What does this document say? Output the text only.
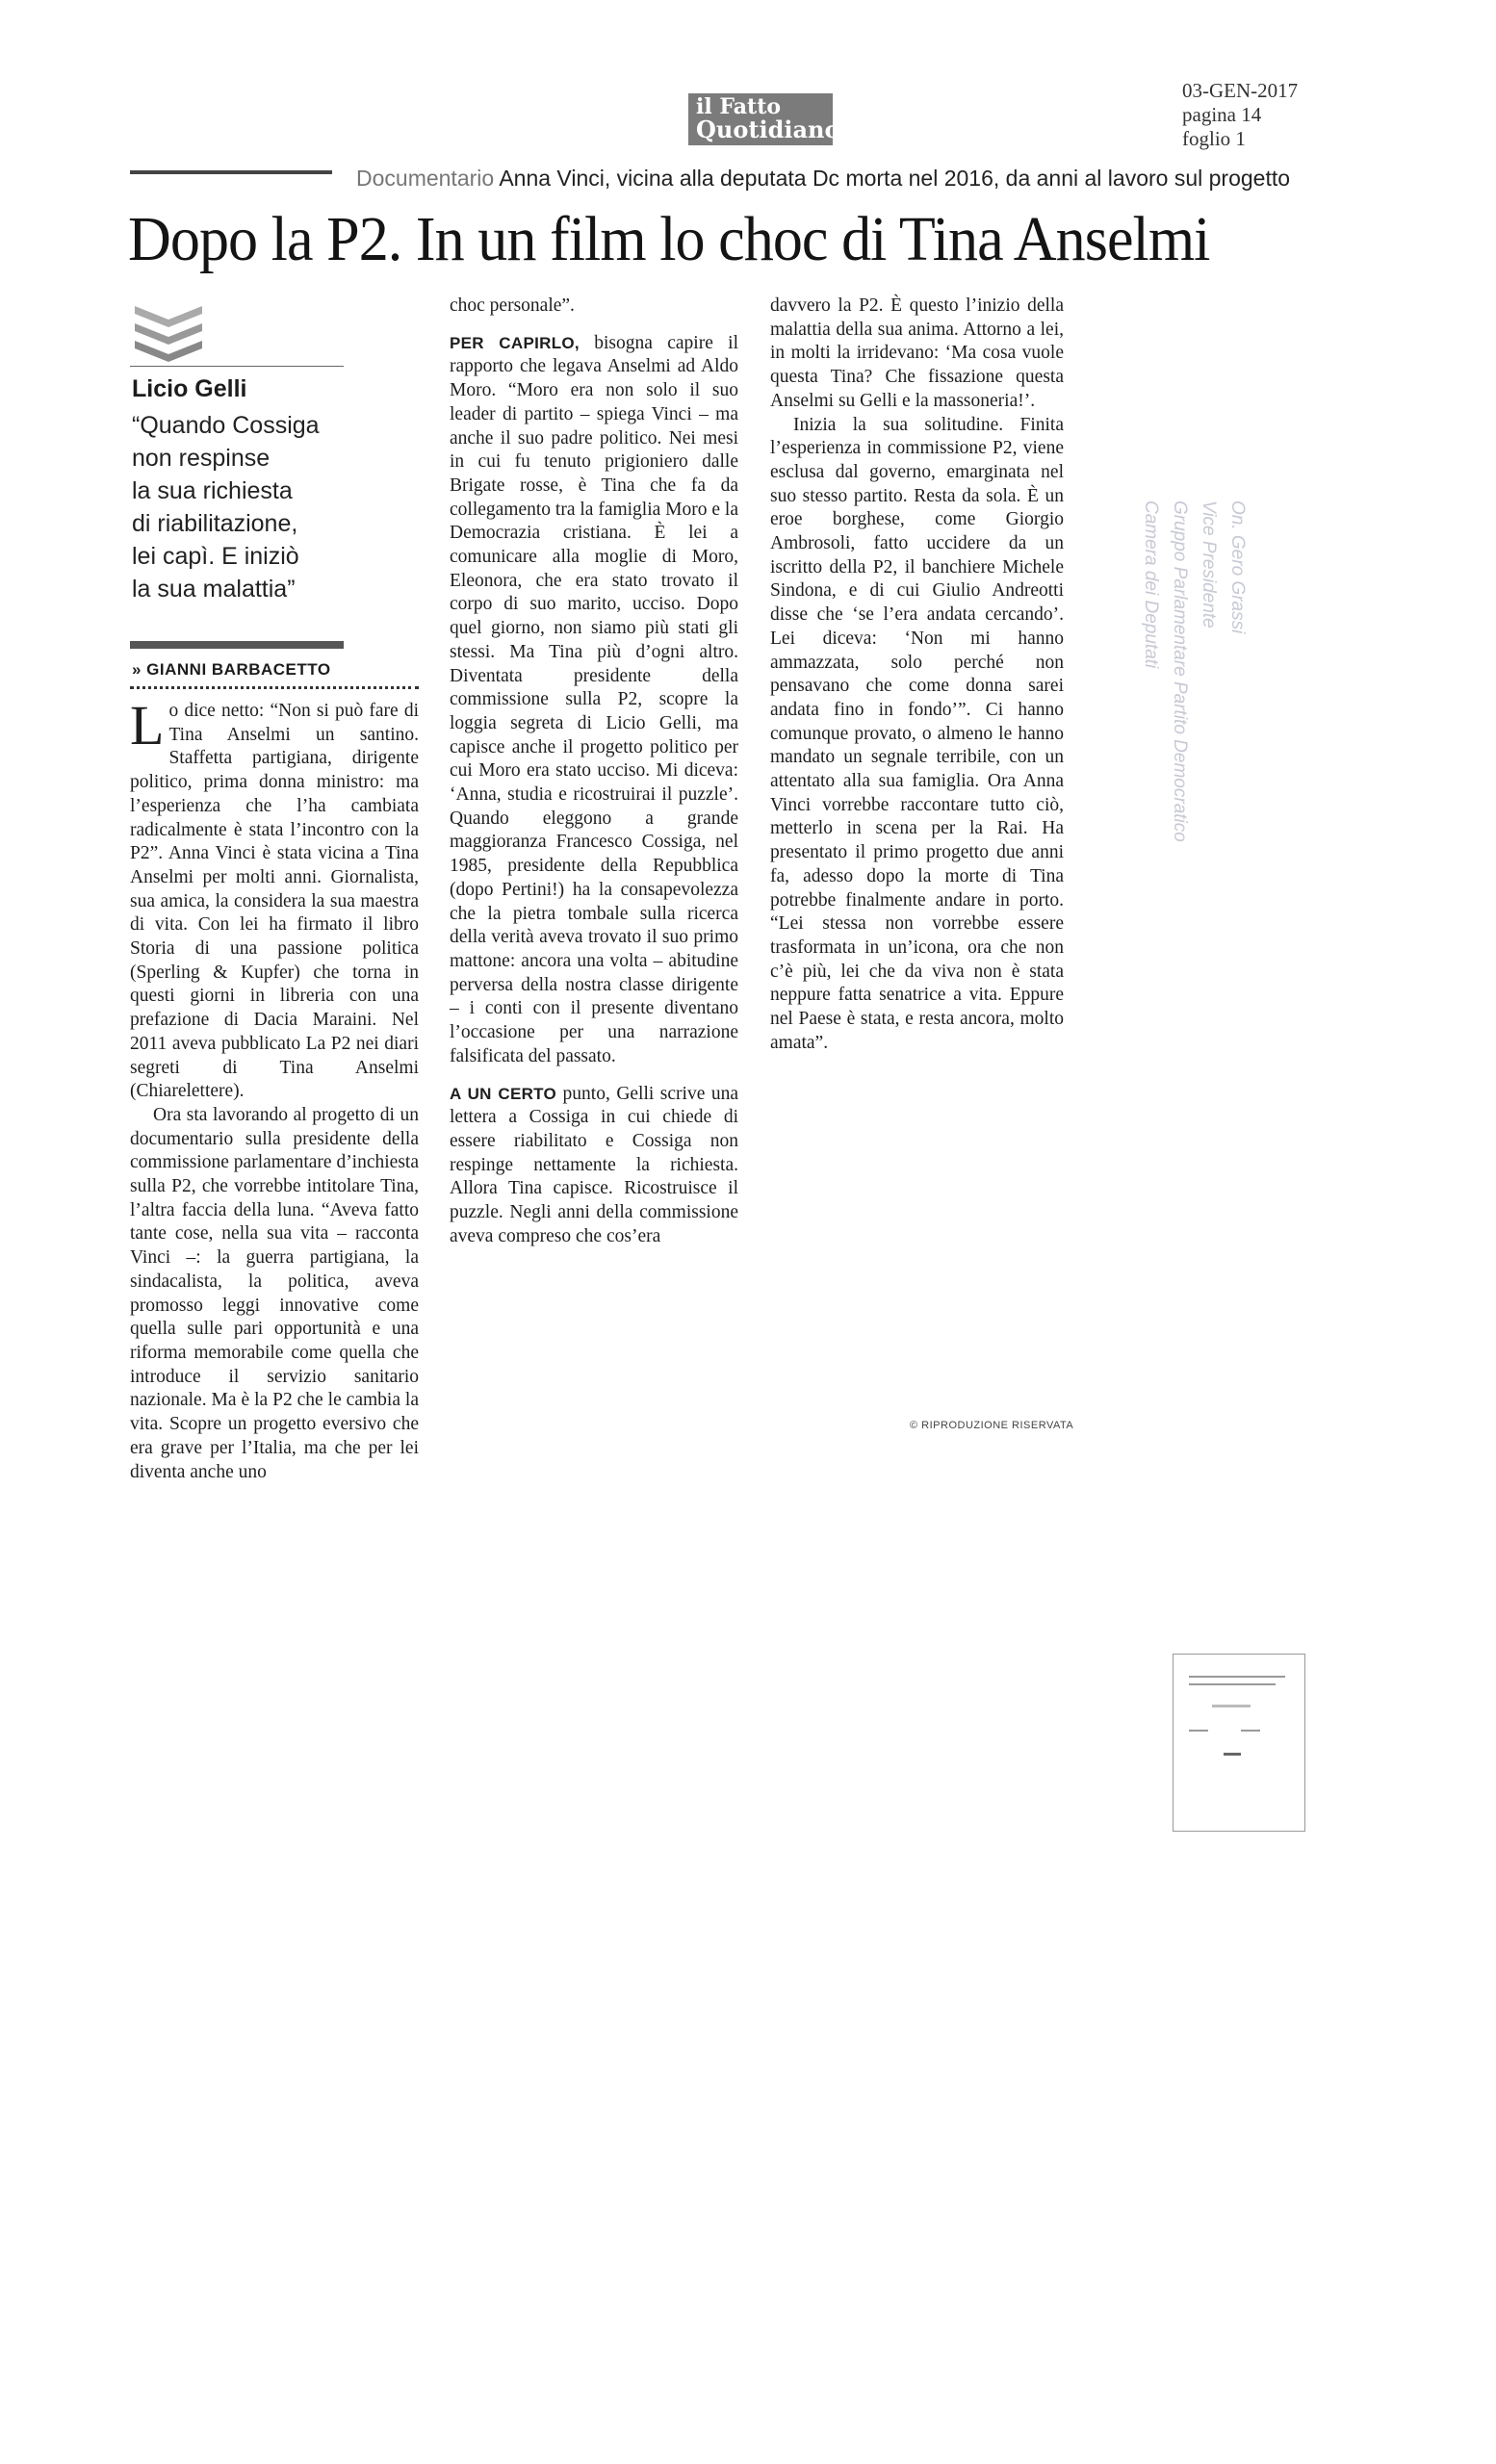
il Fatto
Quotidiano
03-GEN-2017
pagina 14
foglio 1
Documentario Anna Vinci, vicina alla deputata Dc morta nel 2016, da anni al lavoro sul progetto
Dopo la P2. In un film lo choc di Tina Anselmi
Licio Gelli
“Quando Cossiga
non respinse
la sua richiesta
di riabilitazione,
lei capì. E iniziò
la sua malattia”
» GIANNI BARBACETTO

Lo dice netto: “Non si può fare di Tina Anselmi un santino. Staffetta partigiana, dirigente politico, prima donna ministro: ma l’esperienza che l’ha cambiata radicalmente è stata l’incontro con la P2”. Anna Vinci è stata vicina a Tina Anselmi per molti anni. Giornalista, sua amica, la considera la sua maestra di vita. Con lei ha firmato il libro Storia di una passione politica (Sperling & Kupfer) che torna in questi giorni in libreria con una prefazione di Dacia Maraini. Nel 2011 aveva pubblicato La P2 nei diari segreti di Tina Anselmi (Chiarelettere).

Ora sta lavorando al progetto di un documentario sulla presidente della commissione parlamentare d’inchiesta sulla P2, che vorrebbe intitolare Tina, l’altra faccia della luna. “Aveva fatto tante cose, nella sua vita – racconta Vinci –: la guerra partigiana, la sindacalista, la politica, aveva promosso leggi innovative come quella sulle pari opportunità e una riforma memorabile come quella che introduce il servizio sanitario nazionale. Ma è la P2 che le cambia la vita. Scopre un progetto eversivo che era grave per l’Italia, ma che per lei diventa anche uno

choc personale”.

PER CAPIRLO, bisogna capire il rapporto che legava Anselmi ad Aldo Moro. “Moro era non solo il suo leader di partito – spiega Vinci – ma anche il suo padre politico. Nei mesi in cui fu tenuto prigioniero dalle Brigate rosse, è Tina che fa da collegamento tra la famiglia Moro e la Democrazia cristiana. È lei a comunicare alla moglie di Moro, Eleonora, che era stato trovato il corpo di suo marito, ucciso. Dopo quel giorno, non siamo più stati gli stessi. Ma Tina più d’ogni altro. Diventata presidente della commissione sulla P2, scopre la loggia segreta di Licio Gelli, ma capisce anche il progetto politico per cui Moro era stato ucciso. Mi diceva: ‘Anna, studia e ricostruirai il puzzle’. Quando eleggono a grande maggioranza Francesco Cossiga, nel 1985, presidente della Repubblica (dopo Pertini!) ha la consapevolezza che la pietra tombale sulla ricerca della verità aveva trovato il suo primo mattone: ancora una volta – abitudine perversa della nostra classe dirigente – i conti con il presente diventano l’occasione per una narrazione falsificata del passato.

A UN CERTO punto, Gelli scrive una lettera a Cossiga in cui chiede di essere riabilitato e Cossiga non respinge nettamente la richiesta. Allora Tina capisce. Ricostruisce il puzzle. Negli anni della commissione aveva compreso che cos’era

davvero la P2. È questo l’inizio della malattia della sua anima. Attorno a lei, in molti la irridevano: ‘Ma cosa vuole questa Tina? Che fissazione questa Anselmi su Gelli e la massoneria!’.

Inizia la sua solitudine. Finita l’esperienza in commissione P2, viene esclusa dal governo, emarginata nel suo stesso partito. Resta da sola. È un eroe borghese, come Giorgio Ambrosoli, fatto uccidere da un iscritto della P2, il banchiere Michele Sindona, e di cui Giulio Andreotti disse che ‘se l’era andata cercando’. Lei diceva: ‘Non mi hanno ammazzata, solo perché non pensavano che come donna sarei andata fino in fondo’”. Ci hanno comunque provato, o almeno le hanno mandato un segnale terribile, con un attentato alla sua famiglia. Ora Anna Vinci vorrebbe raccontare tutto ciò, metterlo in scena per la Rai. Ha presentato il primo progetto due anni fa, adesso dopo la morte di Tina potrebbe finalmente andare in porto. “Lei stessa non vorrebbe essere trasformata in un’icona, ora che non c’è più, lei che da viva non è stata neppure fatta senatrice a vita. Eppure nel Paese è stata, e resta ancora, molto amata”.

© RIPRODUZIONE RISERVATA
On. Gero Grassi
Vice Presidente
Gruppo Parlamentare Partito Democratico
Camera dei Deputati
